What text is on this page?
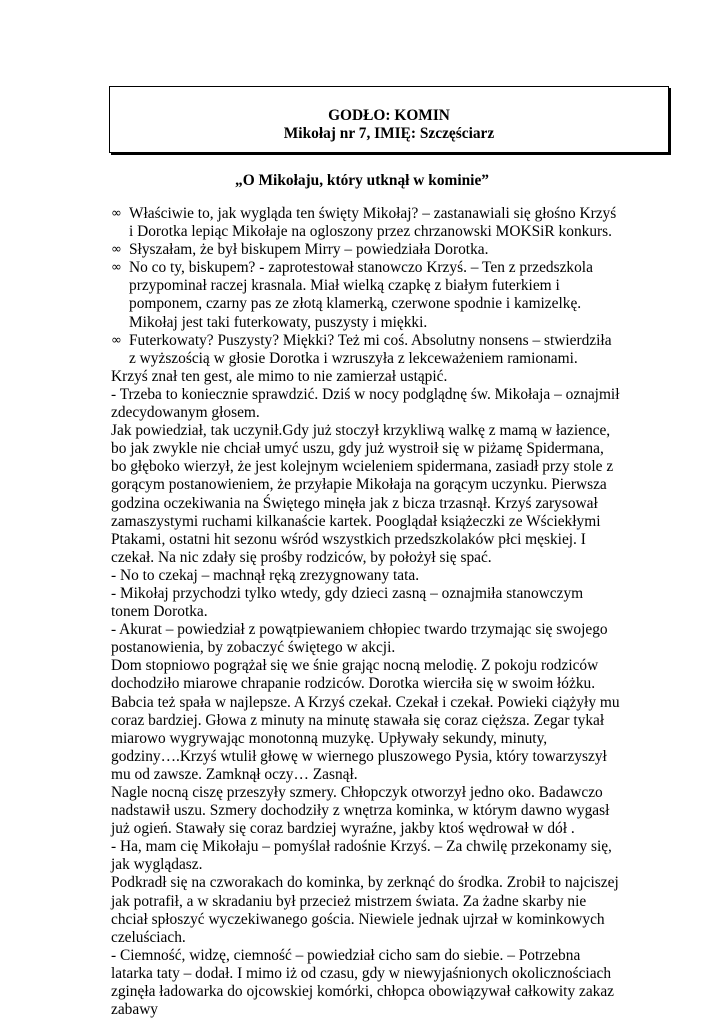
GODŁO: KOMIN
Mikołaj nr 7, IMIĘ: Szczęściarz
„O Mikołaju, który utknął w kominie”
∞ Właściwie to, jak wygląda ten święty Mikołaj? – zastanawiali się głośno Krzyś i Dorotka lepiąc Mikołaje na ogloszony przez chrzanowski MOKSiR konkurs.
∞ Słyszałam, że był biskupem Mirry – powiedziała Dorotka.
∞ No co ty, biskupem? - zaprotestował stanowczo Krzyś. – Ten z przedszkola przypominał raczej krasnala. Miał wielką czapkę z białym futerkiem i pomponem, czarny pas ze złotą klamerką, czerwone spodnie i kamizelkę. Mikołaj jest taki futerkowaty, puszysty i miękki.
∞ Futerkowaty? Puszysty? Miękki? Też mi coś. Absolutny nonsens – stwierdziła z wyższością w głosie Dorotka i wzruszyła z lekceważeniem ramionami.

Krzyś znał ten gest, ale mimo to nie zamierzał ustąpić.

- Trzeba to koniecznie sprawdzić. Dziś w nocy podglądnę św. Mikołaja – oznajmił zdecydowanym głosem.

Jak powiedział, tak uczynił.Gdy już stoczył krzykliwą walkę z mamą w łazience, bo jak zwykle nie chciał umyć uszu, gdy już wystroił się w piżamę Spidermana, bo głęboko wierzył, że jest kolejnym wcieleniem spidermana, zasiadł przy stole z gorącym postanowieniem, że przyłapie Mikołaja na gorącym uczynku. Pierwsza godzina oczekiwania na Świętego minęła jak z bicza trzasnął. Krzyś zarysował zamaszystymi ruchami kilkanaście kartek. Pooglądał książeczki ze Wściekłymi Ptakami, ostatni hit sezonu wśród wszystkich przedszkolaków płci męskiej. I czekał. Na nic zdały się prośby rodziców, by położył się spać.

- No to czekaj – machnął ręką zrezygnowany tata.

- Mikołaj przychodzi tylko wtedy, gdy dzieci zasną – oznajmiła stanowczym tonem Dorotka.

- Akurat – powiedział z powątpiewaniem chłopiec twardo trzymając się swojego postanowienia, by zobaczyć świętego w akcji.

Dom stopniowo pogrążał się we śnie grając nocną melodię. Z pokoju rodziców dochodziło miarowe chrapanie rodziców. Dorotka wierciła się w swoim łóżku. Babcia też spała w najlepsze. A Krzyś czekał. Czekał i czekał. Powieki ciążyły mu coraz bardziej. Głowa z minuty na minutę stawała się coraz cięższa. Zegar tykał miarowo wygrywając monotonną muzykę. Upływały sekundy, minuty, godziny….Krzyś wtulił głowę w wiernego pluszowego Pysia, który towarzyszył mu od zawsze. Zamknął oczy… Zasnął.

Nagle nocną ciszę przeszyły szmery. Chłopczyk otworzył jedno oko. Badawczo nadstawił uszu. Szmery dochodziły z wnętrza kominka, w którym dawno wygasł już ogień. Stawały się coraz bardziej wyraźne, jakby ktoś wędrował w dół .

- Ha, mam cię Mikołaju – pomyślał radośnie Krzyś. – Za chwilę przekonamy się, jak wyglądasz.

Podkradł się na czworakach do kominka, by zerknąć do środka. Zrobił to najciszej jak potrafił, a w skradaniu był przecież mistrzem świata. Za żadne skarby nie chciał spłoszyć wyczekiwanego gościa. Niewiele jednak ujrzał w kominkowych czeluściach.

- Ciemność, widzę, ciemność – powiedział cicho sam do siebie. – Potrzebna latarka taty – dodał. I mimo iż od czasu, gdy w niewyjaśnionych okolicznościach zginęła ładowarka do ojcowskiej komórki, chłopca obowiązywał całkowity zakaz zabawy
